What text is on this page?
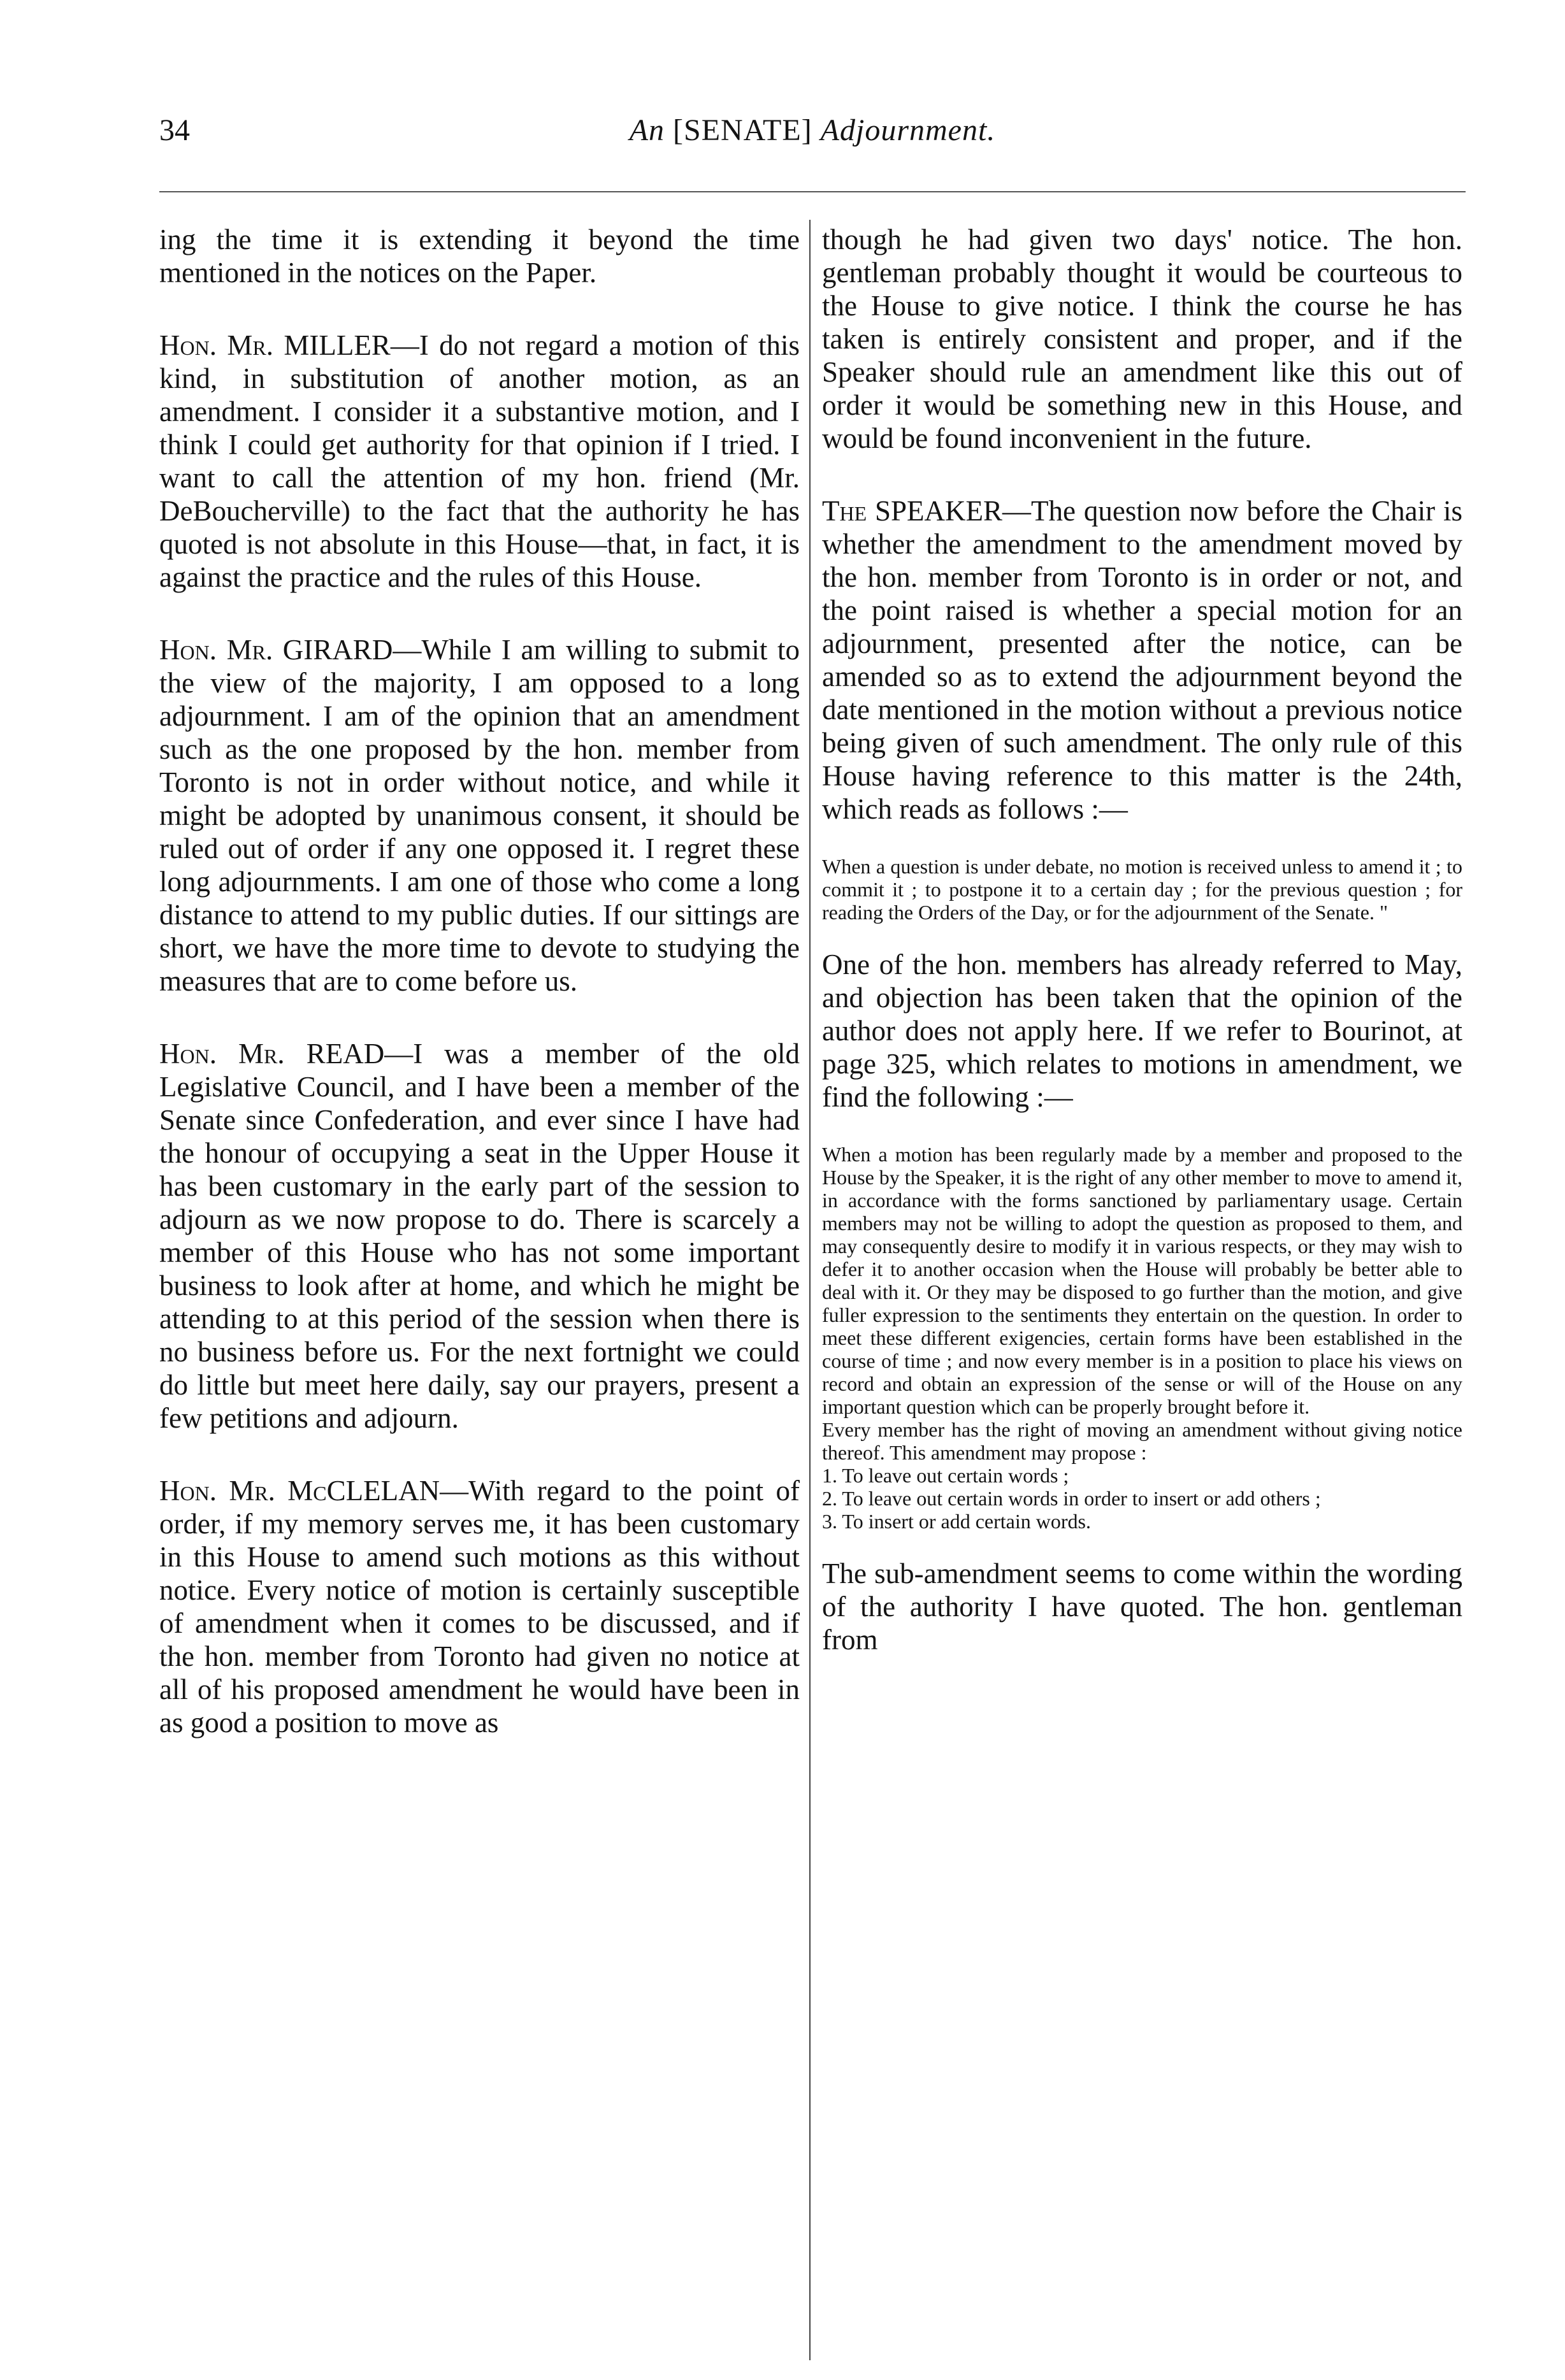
34	An [SENATE] Adjournment.

ing the time it is extending it beyond the time mentioned in the notices on the Paper.

Hon. Mr. MILLER—I do not regard a motion of this kind, in substitution of another motion, as an amendment. I consider it a substantive motion, and I think I could get authority for that opinion if I tried. I want to call the attention of my hon. friend (Mr. DeBoucherville) to the fact that the authority he has quoted is not absolute in this House—that, in fact, it is against the practice and the rules of this House.

Hon. Mr. GIRARD—While I am willing to submit to the view of the majority, I am opposed to a long adjournment. I am of the opinion that an amendment such as the one proposed by the hon. member from Toronto is not in order without notice, and while it might be adopted by unanimous consent, it should be ruled out of order if any one opposed it. I regret these long adjournments. I am one of those who come a long distance to attend to my public duties. If our sittings are short, we have the more time to devote to studying the measures that are to come before us.

Hon. Mr. READ—I was a member of the old Legislative Council, and I have been a member of the Senate since Confederation, and ever since I have had the honour of occupying a seat in the Upper House it has been customary in the early part of the session to adjourn as we now propose to do. There is scarcely a member of this House who has not some important business to look after at home, and which he might be attending to at this period of the session when there is no business before us. For the next fortnight we could do little but meet here daily, say our prayers, present a few petitions and adjourn.

Hon. Mr. McCLELAN—With regard to the point of order, if my memory serves me, it has been customary in this House to amend such motions as this without notice. Every notice of motion is certainly susceptible of amendment when it comes to be discussed, and if the hon. member from Toronto had given no notice at all of his proposed amendment he would have been in as good a position to move as

though he had given two days' notice. The hon. gentleman probably thought it would be courteous to the House to give notice. I think the course he has taken is entirely consistent and proper, and if the Speaker should rule an amendment like this out of order it would be something new in this House, and would be found inconvenient in the future.

The SPEAKER—The question now before the Chair is whether the amendment to the amendment moved by the hon. member from Toronto is in order or not, and the point raised is whether a special motion for an adjournment, presented after the notice, can be amended so as to extend the adjournment beyond the date mentioned in the motion without a previous notice being given of such amendment. The only rule of this House having reference to this matter is the 24th, which reads as follows :—

When a question is under debate, no motion is received unless to amend it ; to commit it ; to postpone it to a certain day ; for the previous question ; for reading the Orders of the Day, or for the adjournment of the Senate. "

One of the hon. members has already referred to May, and objection has been taken that the opinion of the author does not apply here. If we refer to Bourinot, at page 325, which relates to motions in amendment, we find the following :—

When a motion has been regularly made by a member and proposed to the House by the Speaker, it is the right of any other member to move to amend it, in accordance with the forms sanctioned by parliamentary usage. Certain members may not be willing to adopt the question as proposed to them, and may consequently desire to modify it in various respects, or they may wish to defer it to another occasion when the House will probably be better able to deal with it. Or they may be disposed to go further than the motion, and give fuller expression to the sentiments they entertain on the question. In order to meet these different exigencies, certain forms have been established in the course of time ; and now every member is in a position to place his views on record and obtain an expression of the sense or will of the House on any important question which can be properly brought before it.

Every member has the right of moving an amendment without giving notice thereof. This amendment may propose :

1. To leave out certain words ;
2. To leave out certain words in order to insert or add others ;
3. To insert or add certain words.

The sub-amendment seems to come within the wording of the authority I have quoted. The hon. gentleman from
